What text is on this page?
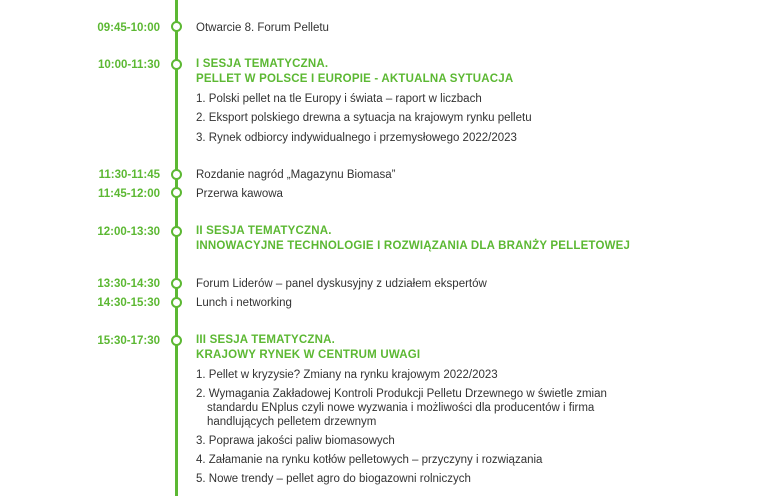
09:45-10:00	Otwarcie 8. Forum Pelletu
10:00-11:30	I SESJA TEMATYCZNA.
PELLET W POLSCE I EUROPIE - AKTUALNA SYTUACJA
1. Polski pellet na tle Europy i świata – raport w liczbach
2. Eksport polskiego drewna a sytuacja na krajowym rynku pelletu
3. Rynek odbiorcy indywidualnego i przemysłowego 2022/2023
11:30-11:45	Rozdanie nagród „Magazynu Biomasa”
11:45-12:00	Przerwa kawowa
12:00-13:30	II SESJA TEMATYCZNA.
INNOWACYJNE TECHNOLOGIE I ROZWIĄZANIA DLA BRANŻY PELLETOWEJ
13:30-14:30	Forum Liderów – panel dyskusyjny z udziałem ekspertów
14:30-15:30	Lunch i networking
15:30-17:30	III SESJA TEMATYCZNA.
KRAJOWY RYNEK W CENTRUM UWAGI
1. Pellet w kryzysie? Zmiany na rynku krajowym 2022/2023
2. Wymagania Zakładowej Kontroli Produkcji Pelletu Drzewnego w świetle zmian
standardu ENplus czyli nowe wyzwania i możliwości dla producentów i firma
handlujących pelletem drzewnym
3. Poprawa jakości paliw biomasowych
4. Załamanie na rynku kotłów pelletowych – przyczyny i rozwiązania
5. Nowe trendy – pellet agro do biogazowni rolniczych
